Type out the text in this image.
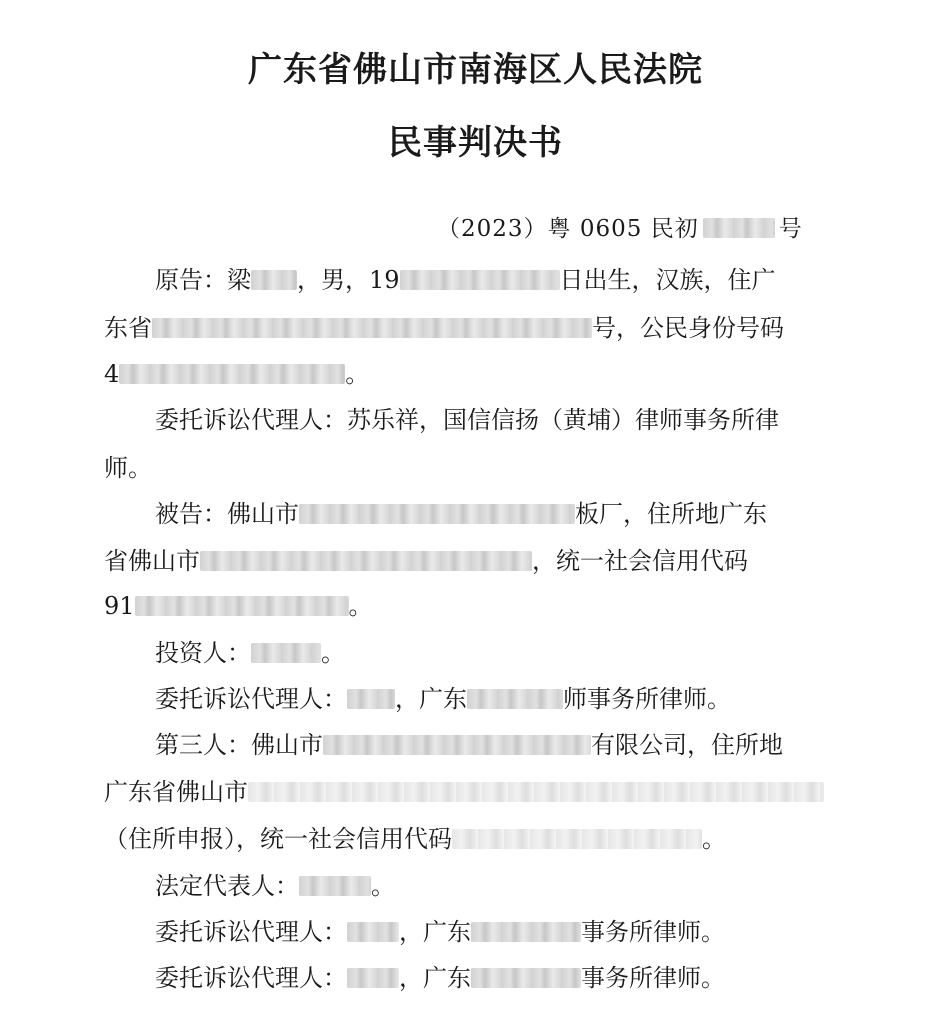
广东省佛山市南海区人民法院
民事判决书
（2023）粤 0605 民初	号
原告：梁 ，男，19	日出生，汉族，住广
东省	号，公民身份号码
4	。
委托诉讼代理人：苏乐祥，国信信扬（黄埔）律师事务所律
师。
被告：佛山市	板厂，住所地广东
省佛山市	，统一社会信用代码
91	。
投资人：	。
委托诉讼代理人： ，广东	师事务所律师。
第三人：佛山市	有限公司，住所地
广东省佛山市
（住所申报），统一社会信用代码	。
法定代表人：	。
委托诉讼代理人： ，广东	事务所律师。
委托诉讼代理人： ，广东	事务所律师。
